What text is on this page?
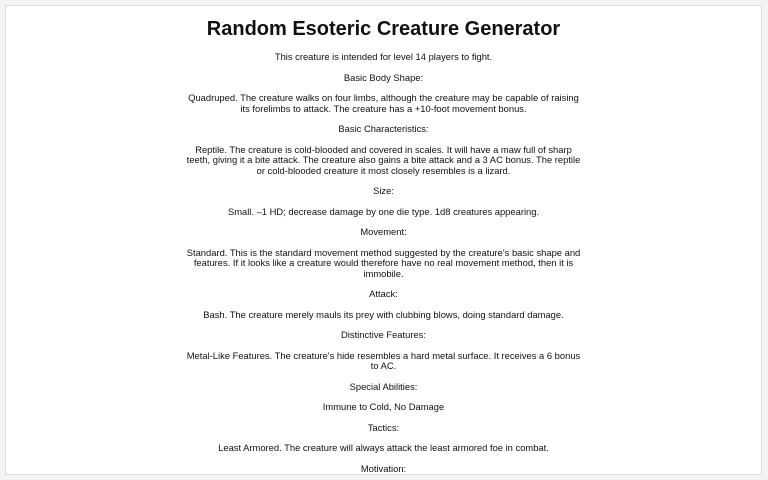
Random Esoteric Creature Generator

This creature is intended for level 14 players to fight.

Basic Body Shape:

Quadruped. The creature walks on four limbs, although the creature may be capable of raising its forelimbs to attack. The creature has a +10-foot movement bonus.

Basic Characteristics:

Reptile. The creature is cold-blooded and covered in scales. It will have a maw full of sharp teeth, giving it a bite attack. The creature also gains a bite attack and a 3 AC bonus. The reptile or cold-blooded creature it most closely resembles is a lizard.

Size:

Small. –1 HD; decrease damage by one die type. 1d8 creatures appearing.

Movement:

Standard. This is the standard movement method suggested by the creature's basic shape and features. If it looks like a creature would therefore have no real movement method, then it is immobile.

Attack:

Bash. The creature merely mauls its prey with clubbing blows, doing standard damage.

Distinctive Features:

Metal-Like Features. The creature's hide resembles a hard metal surface. It receives a 6 bonus to AC.

Special Abilities:

Immune to Cold, No Damage

Tactics:

Least Armored. The creature will always attack the least armored foe in combat.

Motivation:
